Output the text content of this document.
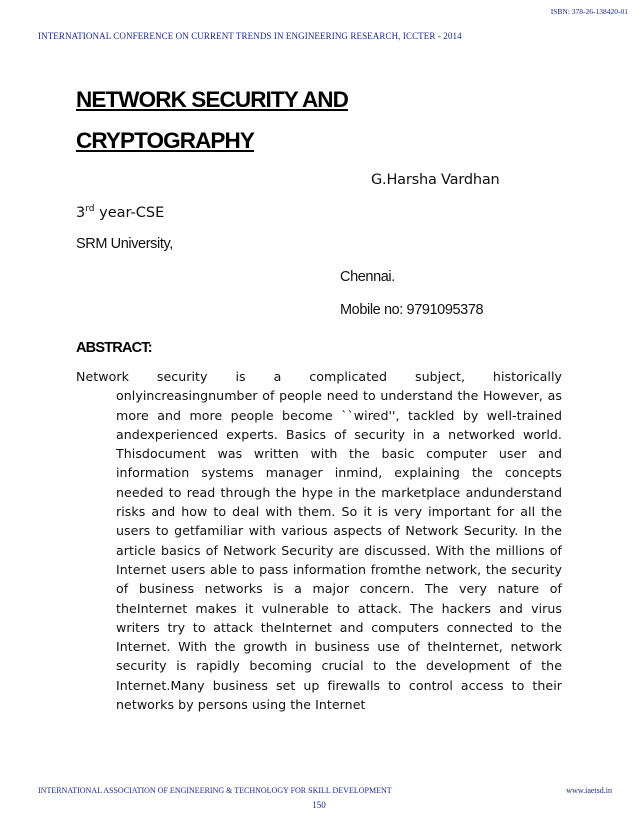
ISBN: 378-26-138420-01
INTERNATIONAL CONFERENCE ON CURRENT TRENDS IN ENGINEERING RESEARCH, ICCTER - 2014
NETWORK SECURITY AND CRYPTOGRAPHY
G.Harsha Vardhan
3rd year-CSE
SRM University,
Chennai.
Mobile no: 9791095378
ABSTRACT:

Network security is a complicated subject, historically onlyincreasingnumber of people need to understand the However, as more and more people become ``wired'', tackled by well-trained andexperienced experts. Basics of security in a networked world. Thisdocument was written with the basic computer user and information systems manager inmind, explaining the concepts needed to read through the hype in the marketplace andunderstand risks and how to deal with them. So it is very important for all the users to getfamiliar with various aspects of Network Security. In the article basics of Network Security are discussed. With the millions of Internet users able to pass information fromthe network, the security of business networks is a major concern. The very nature of theInternet makes it vulnerable to attack. The hackers and virus writers try to attack theInternet and computers connected to the Internet. With the growth in business use of theInternet, network security is rapidly becoming crucial to the development of the Internet.Many business set up firewalls to control access to their networks by persons using the Internet

INTERNATIONAL ASSOCIATION OF ENGINEERING & TECHNOLOGY FOR SKILL DEVELOPMENT	www.iaetsd.in
150
